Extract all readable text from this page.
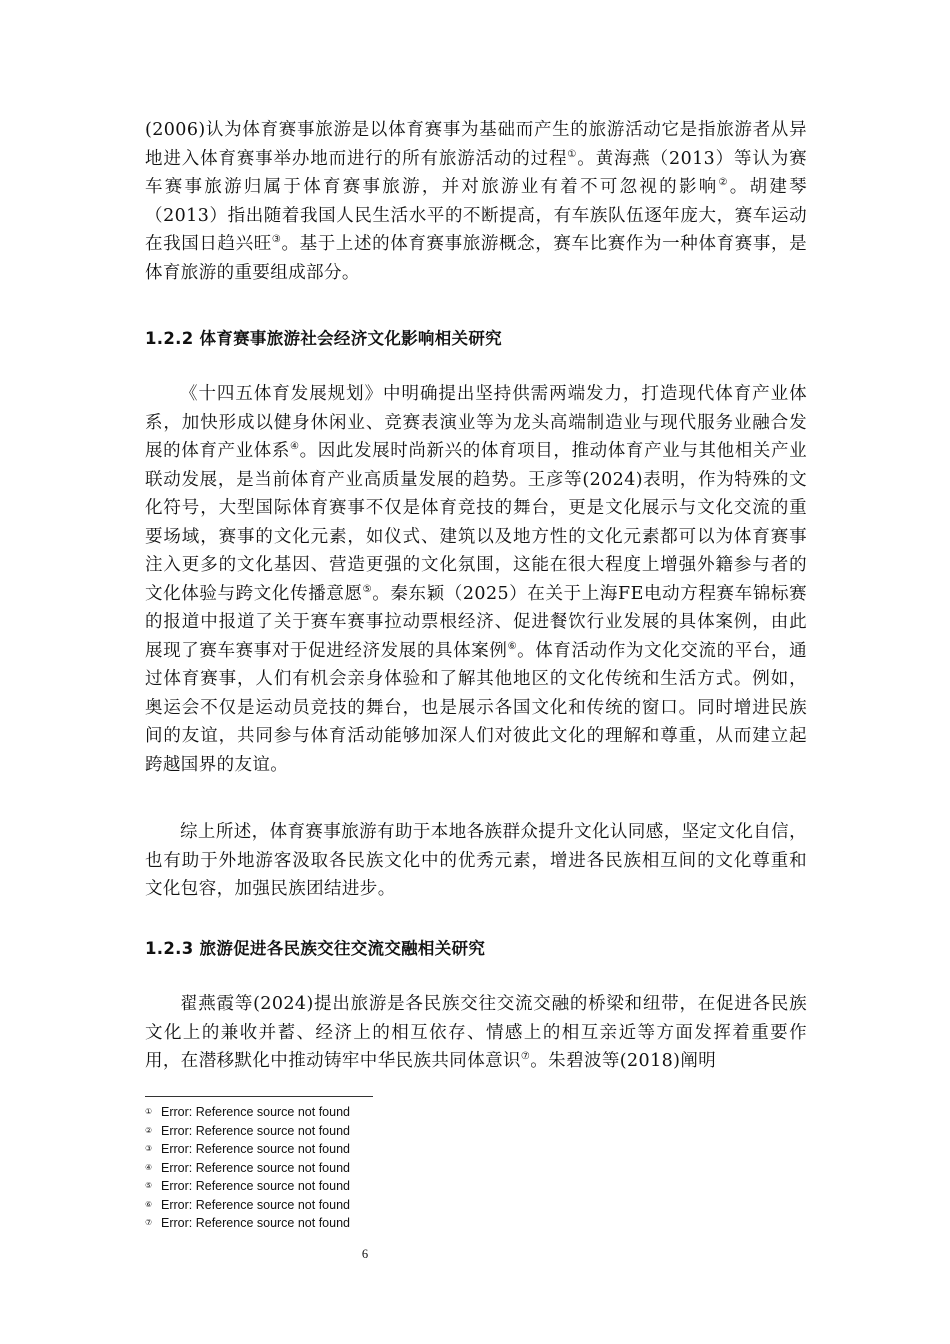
(2006)认为体育赛事旅游是以体育赛事为基础而产生的旅游活动它是指旅游者从异地进入体育赛事举办地而进行的所有旅游活动的过程①。黄海燕（2013）等认为赛车赛事旅游归属于体育赛事旅游，并对旅游业有着不可忽视的影响②。胡建琴（2013）指出随着我国人民生活水平的不断提高，有车族队伍逐年庞大，赛车运动在我国日趋兴旺③。基于上述的体育赛事旅游概念，赛车比赛作为一种体育赛事，是体育旅游的重要组成部分。

1.2.2 体育赛事旅游社会经济文化影响相关研究

《十四五体育发展规划》中明确提出坚持供需两端发力，打造现代体育产业体系，加快形成以健身休闲业、竞赛表演业等为龙头高端制造业与现代服务业融合发展的体育产业体系④。因此发展时尚新兴的体育项目，推动体育产业与其他相关产业联动发展，是当前体育产业高质量发展的趋势。王彦等(2024)表明，作为特殊的文化符号，大型国际体育赛事不仅是体育竞技的舞台，更是文化展示与文化交流的重要场域，赛事的文化元素，如仪式、建筑以及地方性的文化元素都可以为体育赛事注入更多的文化基因、营造更强的文化氛围，这能在很大程度上增强外籍参与者的文化体验与跨文化传播意愿⑤。秦东颖（2025）在关于上海FE电动方程赛车锦标赛的报道中报道了关于赛车赛事拉动票根经济、促进餐饮行业发展的具体案例，由此展现了赛车赛事对于促进经济发展的具体案例⑥。体育活动作为文化交流的平台，通过体育赛事，人们有机会亲身体验和了解其他地区的文化传统和生活方式。例如，奥运会不仅是运动员竞技的舞台，也是展示各国文化和传统的窗口。同时增进民族间的友谊，共同参与体育活动能够加深人们对彼此文化的理解和尊重，从而建立起跨越国界的友谊。

综上所述，体育赛事旅游有助于本地各族群众提升文化认同感，坚定文化自信，也有助于外地游客汲取各民族文化中的优秀元素，增进各民族相互间的文化尊重和文化包容，加强民族团结进步。

1.2.3 旅游促进各民族交往交流交融相关研究

翟燕霞等(2024)提出旅游是各民族交往交流交融的桥梁和纽带，在促进各民族文化上的兼收并蓄、经济上的相互依存、情感上的相互亲近等方面发挥着重要作用，在潜移默化中推动铸牢中华民族共同体意识⑦。朱碧波等(2018)阐明

① Error: Reference source not found
② Error: Reference source not found
③ Error: Reference source not found
④ Error: Reference source not found
⑤ Error: Reference source not found
⑥ Error: Reference source not found
⑦ Error: Reference source not found
6
